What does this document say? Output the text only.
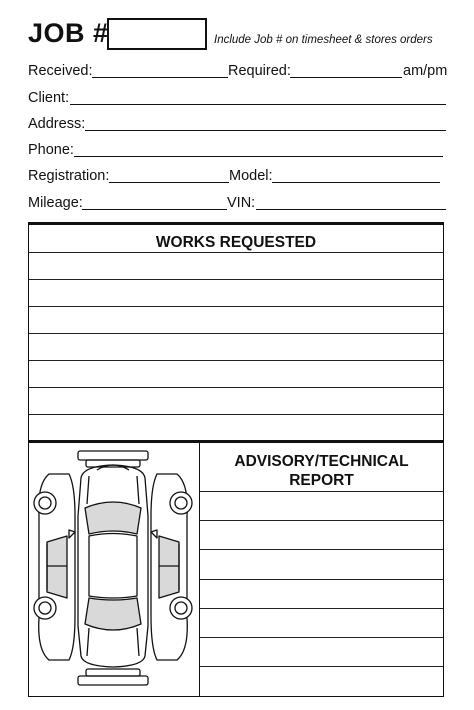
JOB #	Include Job # on timesheet & stores orders
Received:	Required:	am/pm
Client:
Address:
Phone:
Registration:	Model:
Mileage:	VIN:
WORKS REQUESTED
ADVISORY/TECHNICAL
REPORT
